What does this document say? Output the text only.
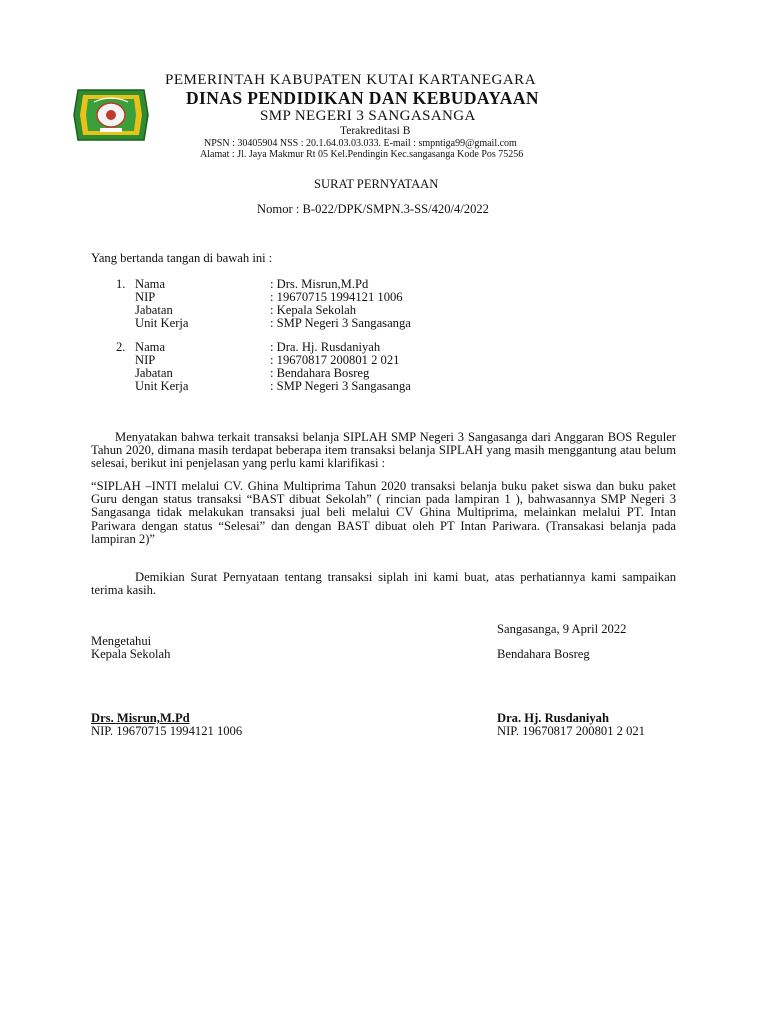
PEMERINTAH KABUPATEN KUTAI KARTANEGARA
DINAS PENDIDIKAN DAN KEBUDAYAAN
SMP NEGERI 3 SANGASANGA
Terakreditasi B
NPSN : 30405904 NSS : 20.1.64.03.03.033. E-mail : smpntiga99@gmail.com
Alamat : Jl. Jaya Makmur Rt 05 Kel.Pendingin Kec.sangasanga Kode Pos 75256
SURAT PERNYATAAN
Nomor : B-022/DPK/SMPN.3-SS/420/4/2022
Yang bertanda tangan di bawah ini :
1. Nama	: Drs. Misrun,M.Pd
NIP	: 19670715 1994121 1006
Jabatan	: Kepala Sekolah
Unit Kerja	: SMP Negeri 3 Sangasanga
2. Nama	: Dra. Hj. Rusdaniyah
NIP	: 19670817 200801 2 021
Jabatan	: Bendahara Bosreg
Unit Kerja	: SMP Negeri 3 Sangasanga
Menyatakan bahwa terkait transaksi belanja SIPLAH SMP Negeri 3 Sangasanga dari Anggaran BOS Reguler Tahun 2020, dimana masih terdapat beberapa item transaksi belanja SIPLAH yang masih menggantung atau belum selesai, berikut ini penjelasan yang perlu kami klarifikasi :
“SIPLAH –INTI melalui CV. Ghina Multiprima Tahun 2020 transaksi belanja buku paket siswa dan buku paket Guru dengan status transaksi “BAST dibuat Sekolah” ( rincian pada lampiran 1 ), bahwasannya SMP Negeri 3 Sangasanga tidak melakukan transaksi jual beli melalui CV Ghina Multiprima, melainkan melalui PT. Intan Pariwara dengan status “Selesai” dan dengan BAST dibuat oleh PT Intan Pariwara. (Transakasi belanja pada lampiran 2)”
Demikian Surat Pernyataan tentang transaksi siplah ini kami buat, atas perhatiannya kami sampaikan terima kasih.
Sangasanga, 9 April 2022
Mengetahui
Kepala Sekolah	Bendahara Bosreg
Drs. Misrun,M.Pd
NIP. 19670715 1994121 1006
Dra. Hj. Rusdaniyah
NIP. 19670817 200801 2 021
